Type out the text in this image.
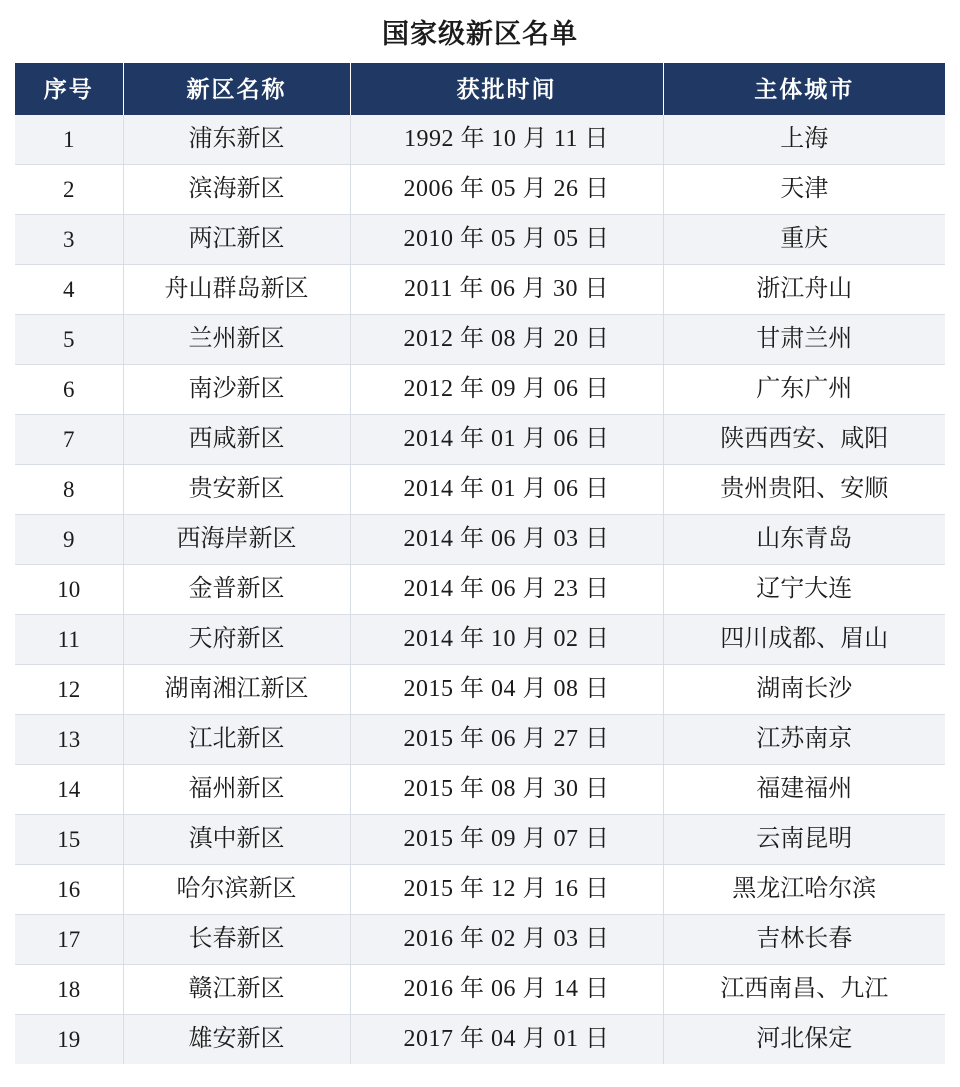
国家级新区名单
序号	新区名称	获批时间	主体城市
1	浦东新区	1992 年 10 月 11 日	上海
2	滨海新区	2006 年 05 月 26 日	天津
3	两江新区	2010 年 05 月 05 日	重庆
4	舟山群岛新区	2011 年 06 月 30 日	浙江舟山
5	兰州新区	2012 年 08 月 20 日	甘肃兰州
6	南沙新区	2012 年 09 月 06 日	广东广州
7	西咸新区	2014 年 01 月 06 日	陕西西安、咸阳
8	贵安新区	2014 年 01 月 06 日	贵州贵阳、安顺
9	西海岸新区	2014 年 06 月 03 日	山东青岛
10	金普新区	2014 年 06 月 23 日	辽宁大连
11	天府新区	2014 年 10 月 02 日	四川成都、眉山
12	湖南湘江新区	2015 年 04 月 08 日	湖南长沙
13	江北新区	2015 年 06 月 27 日	江苏南京
14	福州新区	2015 年 08 月 30 日	福建福州
15	滇中新区	2015 年 09 月 07 日	云南昆明
16	哈尔滨新区	2015 年 12 月 16 日	黑龙江哈尔滨
17	长春新区	2016 年 02 月 03 日	吉林长春
18	赣江新区	2016 年 06 月 14 日	江西南昌、九江
19	雄安新区	2017 年 04 月 01 日	河北保定
